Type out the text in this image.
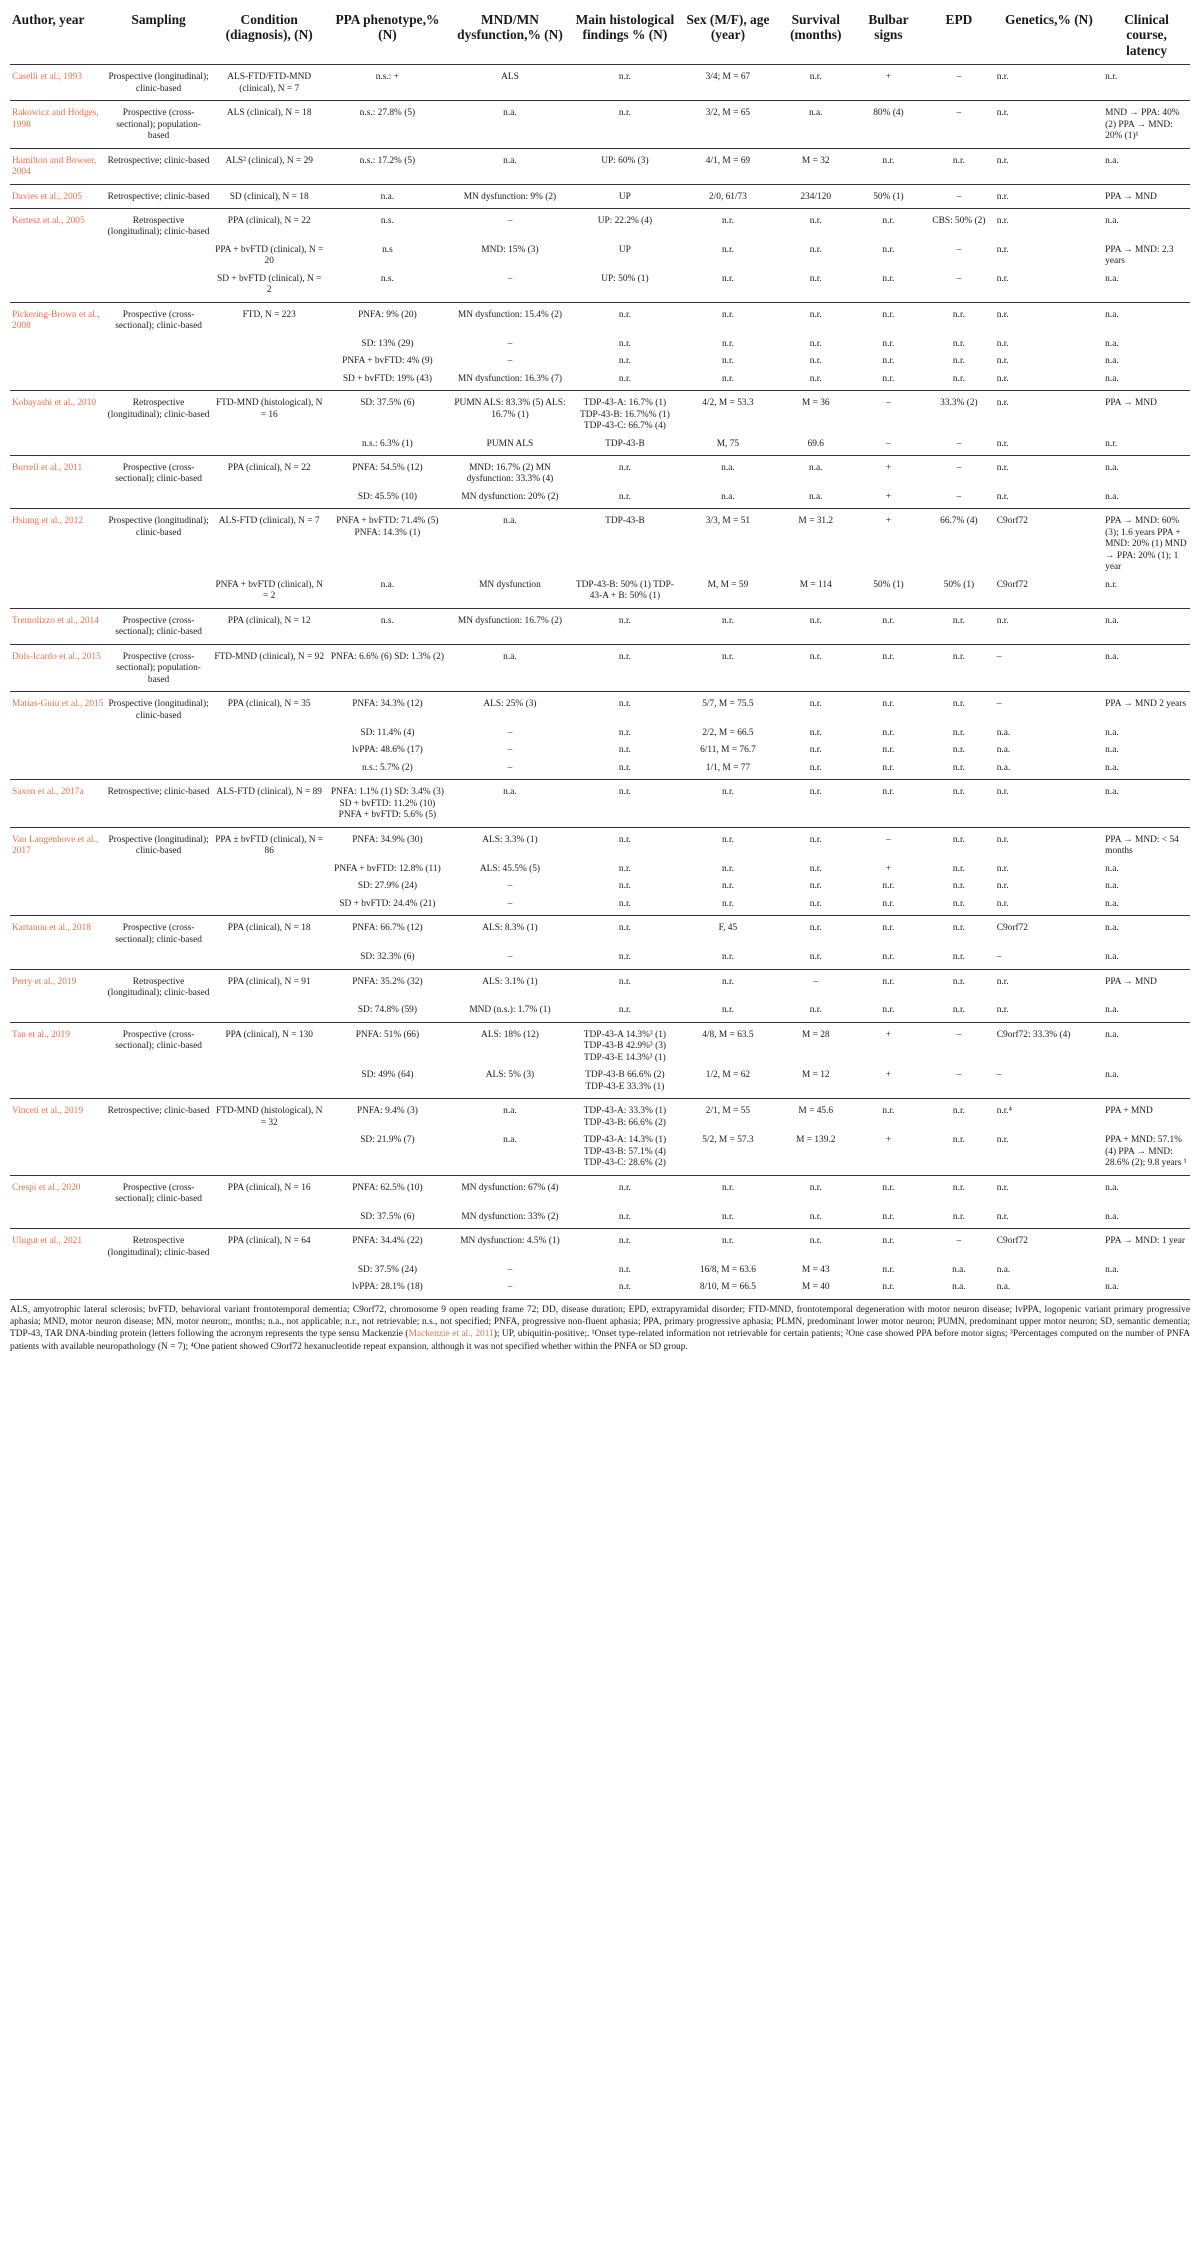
Author, year	Sampling	Condition (diagnosis), (N)	PPA phenotype,% (N)	MND/MN dysfunction,% (N)	Main histological findings % (N)	Sex (M/F), age (year)	Survival (months)	Bulbar signs	EPD	Genetics,% (N)	Clinical course, latency
Caselli et al., 1993	Prospective (longitudinal); clinic-based	ALS-FTD/FTD-MND (clinical), N = 7	n.s.: +	ALS	n.r.	3/4; M = 67	n.r.	+	–	n.r.	n.r.
Rakowicz and Hodges, 1998	Prospective (cross-sectional); population-based	ALS (clinical), N = 18	n.s.: 27.8% (5)	n.a.	n.r.	3/2, M = 65	n.a.	80% (4)	–	n.r.	MND → PPA: 40% (2) PPA → MND: 20% (1)¹
Hamilton and Bowser, 2004	Retrospective; clinic-based	ALS² (clinical), N = 29	n.s.: 17.2% (5)	n.a.	UP: 60% (3)	4/1, M = 69	M = 32	n.r.	n.r.	n.r.	n.a.
Davies et al., 2005	Retrospective; clinic-based	SD (clinical), N = 18	n.a.	MN dysfunction: 9% (2)	UP	2/0, 61/73	234/120	50% (1)	–	n.r.	PPA → MND
Kertesz et al., 2005	Retrospective (longitudinal); clinic-based	PPA (clinical), N = 22	n.s.	–	UP: 22.2% (4)	n.r.	n.r.	n.r.	CBS: 50% (2)	n.r.	n.a.
		PPA + bvFTD (clinical), N = 20	n.s	MND: 15% (3)	UP	n.r.	n.r.	n.r.	–	n.r.	PPA → MND: 2.3 years
		SD + bvFTD (clinical), N = 2	n.s.	–	UP: 50% (1)	n.r.	n.r.	n.r.	–	n.r.	n.a.
Pickering-Brown et al., 2008	Prospective (cross-sectional); clinic-based	FTD, N = 223	PNFA: 9% (20)	MN dysfunction: 15.4% (2)	n.r.	n.r.	n.r.	n.r.	n.r.	n.r.	n.a.
			SD: 13% (29)	–	n.r.	n.r.	n.r.	n.r.	n.r.	n.r.	n.a.
			PNFA + bvFTD: 4% (9)	–	n.r.	n.r.	n.r.	n.r.	n.r.	n.r.	n.a.
			SD + bvFTD: 19% (43)	MN dysfunction: 16.3% (7)	n.r.	n.r.	n.r.	n.r.	n.r.	n.r.	n.a.
Kobayashi et al., 2010	Retrospective (longitudinal); clinic-based	FTD-MND (histological), N = 16	SD: 37.5% (6)	PUMN ALS: 83.3% (5) ALS: 16.7% (1)	TDP-43-A: 16.7% (1) TDP-43-B: 16.7%% (1) TDP-43-C: 66.7% (4)	4/2, M = 53.3	M = 36	–	33.3% (2)	n.r.	PPA → MND
			n.s.: 6.3% (1)	PUMN ALS	TDP-43-B	M, 75	69.6	–	–	n.r.	n.r.
Burrell et al., 2011	Prospective (cross-sectional); clinic-based	PPA (clinical), N = 22	PNFA: 54.5% (12)	MND: 16.7% (2) MN dysfunction: 33.3% (4)	n.r.	n.a.	n.a.	+	–	n.r.	n.a.
			SD: 45.5% (10)	MN dysfunction: 20% (2)	n.r.	n.a.	n.a.	+	–	n.r.	n.a.
Hsiung et al., 2012	Prospective (longitudinal); clinic-based	ALS-FTD (clinical), N = 7	PNFA + bvFTD: 71.4% (5) PNFA: 14.3% (1)	n.a.	TDP-43-B	3/3, M = 51	M = 31.2	+	66.7% (4)	C9orf72	PPA → MND: 60% (3); 1.6 years PPA + MND: 20% (1) MND → PPA: 20% (1); 1 year
		PNFA + bvFTD (clinical), N = 2	n.a.	MN dysfunction	TDP-43-B: 50% (1) TDP-43-A + B: 50% (1)	M, M = 59	M = 114	50% (1)	50% (1)	C9orf72	n.r.
Tremolizzo et al., 2014	Prospective (cross-sectional); clinic-based	PPA (clinical), N = 12	n.s.	MN dysfunction: 16.7% (2)	n.r.	n.r.	n.r.	n.r.	n.r.	n.r.	n.a.
Dols-Icardo et al., 2015	Prospective (cross-sectional); population-based	FTD-MND (clinical), N = 92	PNFA: 6.6% (6) SD: 1.3% (2)	n.a.	n.r.	n.r.	n.r.	n.r.	n.r.	–	n.a.
Matias-Guiu et al., 2015	Prospective (longitudinal); clinic-based	PPA (clinical), N = 35	PNFA: 34.3% (12)	ALS: 25% (3)	n.r.	5/7, M = 75.5	n.r.	n.r.	n.r.	–	PPA → MND 2 years
			SD: 11.4% (4)	–	n.r.	2/2, M = 66.5	n.r.	n.r.	n.r.	n.a.	n.a.
			lvPPA: 48.6% (17)	–	n.r.	6/11, M = 76.7	n.r.	n.r.	n.r.	n.a.	n.a.
			n.s.: 5.7% (2)	–	n.r.	1/1, M = 77	n.r.	n.r.	n.r.	n.a.	n.a.
Saxon et al., 2017a	Retrospective; clinic-based	ALS-FTD (clinical), N = 89	PNFA: 1.1% (1) SD: 3.4% (3) SD + bvFTD: 11.2% (10) PNFA + bvFTD: 5.6% (5)	n.a.	n.r.	n.r.	n.r.	n.r.	n.r.	n.r.	n.a.
Van Langenhove et al., 2017	Prospective (longitudinal); clinic-based	PPA ± bvFTD (clinical), N = 86	PNFA: 34.9% (30)	ALS: 3.3% (1)	n.r.	n.r.	n.r.	–	n.r.	n.r.	PPA → MND: < 54 months
			PNFA + bvFTD: 12.8% (11)	ALS: 45.5% (5)	n.r.	n.r.	n.r.	+	n.r.	n.r.	n.a.
			SD: 27.9% (24)	–	n.r.	n.r.	n.r.	n.r.	n.r.	n.r.	n.a.
			SD + bvFTD: 24.4% (21)	–	n.r.	n.r.	n.r.	n.r.	n.r.	n.r.	n.a.
Kartanou et al., 2018	Prospective (cross-sectional); clinic-based	PPA (clinical), N = 18	PNFA: 66.7% (12)	ALS: 8.3% (1)	n.r.	F, 45	n.r.	n.r.	n.r.	C9orf72	n.a.
			SD: 32.3% (6)	–	n.r.	n.r.	n.r.	n.r.	n.r.	–	n.a.
Perry et al., 2019	Retrospective (longitudinal); clinic-based	PPA (clinical), N = 91	PNFA: 35.2% (32)	ALS: 3.1% (1)	n.r.	n.r.	–	n.r.	n.r.	n.r.	PPA → MND
			SD: 74.8% (59)	MND (n.s.): 1.7% (1)	n.r.	n.r.	n.r.	n.r.	n.r.	n.r.	n.a.
Tan et al., 2019	Prospective (cross-sectional); clinic-based	PPA (clinical), N = 130	PNFA: 51% (66)	ALS: 18% (12)	TDP-43-A 14.3%³ (1) TDP-43-B 42.9%³ (3) TDP-43-E 14.3%³ (1)	4/8, M = 63.5	M = 28	+	–	C9orf72: 33.3% (4)	n.a.
			SD: 49% (64)	ALS: 5% (3)	TDP-43-B 66.6% (2) TDP-43-E 33.3% (1)	1/2, M = 62	M = 12	+	–	–	n.a.
Vinceti et al., 2019	Retrospective; clinic-based	FTD-MND (histological), N = 32	PNFA: 9.4% (3)	n.a.	TDP-43-A: 33.3% (1) TDP-43-B: 66.6% (2)	2/1, M = 55	M = 45.6	n.r.	n.r.	n.r.⁴	PPA + MND
			SD: 21.9% (7)	n.a.	TDP-43-A: 14.3% (1) TDP-43-B: 57.1% (4) TDP-43-C: 28.6% (2)	5/2, M = 57.3	M = 139.2	+	n.r.	n.r.	PPA + MND: 57.1% (4) PPA → MND: 28.6% (2); 9.8 years ¹
Crespi et al., 2020	Prospective (cross-sectional); clinic-based	PPA (clinical), N = 16	PNFA: 62.5% (10)	MN dysfunction: 67% (4)	n.r.	n.r.	n.r.	n.r.	n.r.	n.r.	n.a.
			SD: 37.5% (6)	MN dysfunction: 33% (2)	n.r.	n.r.	n.r.	n.r.	n.r.	n.r.	n.a.
Ulugut et al., 2021	Retrospective (longitudinal); clinic-based	PPA (clinical), N = 64	PNFA: 34.4% (22)	MN dysfunction: 4.5% (1)	n.r.	n.r.	n.r.	n.r.	–	C9orf72	PPA → MND: 1 year
			SD: 37.5% (24)	–	n.r.	16/8, M = 63.6	M = 43	n.r.	n.a.	n.a.	n.a.
			lvPPA: 28.1% (18)	–	n.r.	8/10, M = 66.5	M = 40	n.r.	n.a.	n.a.	n.a.
ALS, amyotrophic lateral sclerosis; bvFTD, behavioral variant frontotemporal dementia; C9orf72, chromosome 9 open reading frame 72; DD, disease duration; EPD, extrapyramidal disorder; FTD-MND, frontotemporal degeneration with motor neuron disease; lvPPA, logopenic variant primary progressive aphasia; MND, motor neuron disease; MN, motor neuron;, months; n.a., not applicable; n.r., not retrievable; n.s., not specified; PNFA, progressive non-fluent aphasia; PPA, primary progressive aphasia; PLMN, predominant lower motor neuron; PUMN, predominant upper motor neuron; SD, semantic dementia; TDP-43, TAR DNA-binding protein (letters following the acronym represents the type sensu Mackenzie (Mackenzie et al., 2011); UP, ubiquitin-positive;. ¹Onset type-related information not retrievable for certain patients; ²One case showed PPA before motor signs; ³Percentages computed on the number of PNFA patients with available neuropathology (N = 7); ⁴One patient showed C9orf72 hexanucleotide repeat expansion, although it was not specified whether within the PNFA or SD group.
